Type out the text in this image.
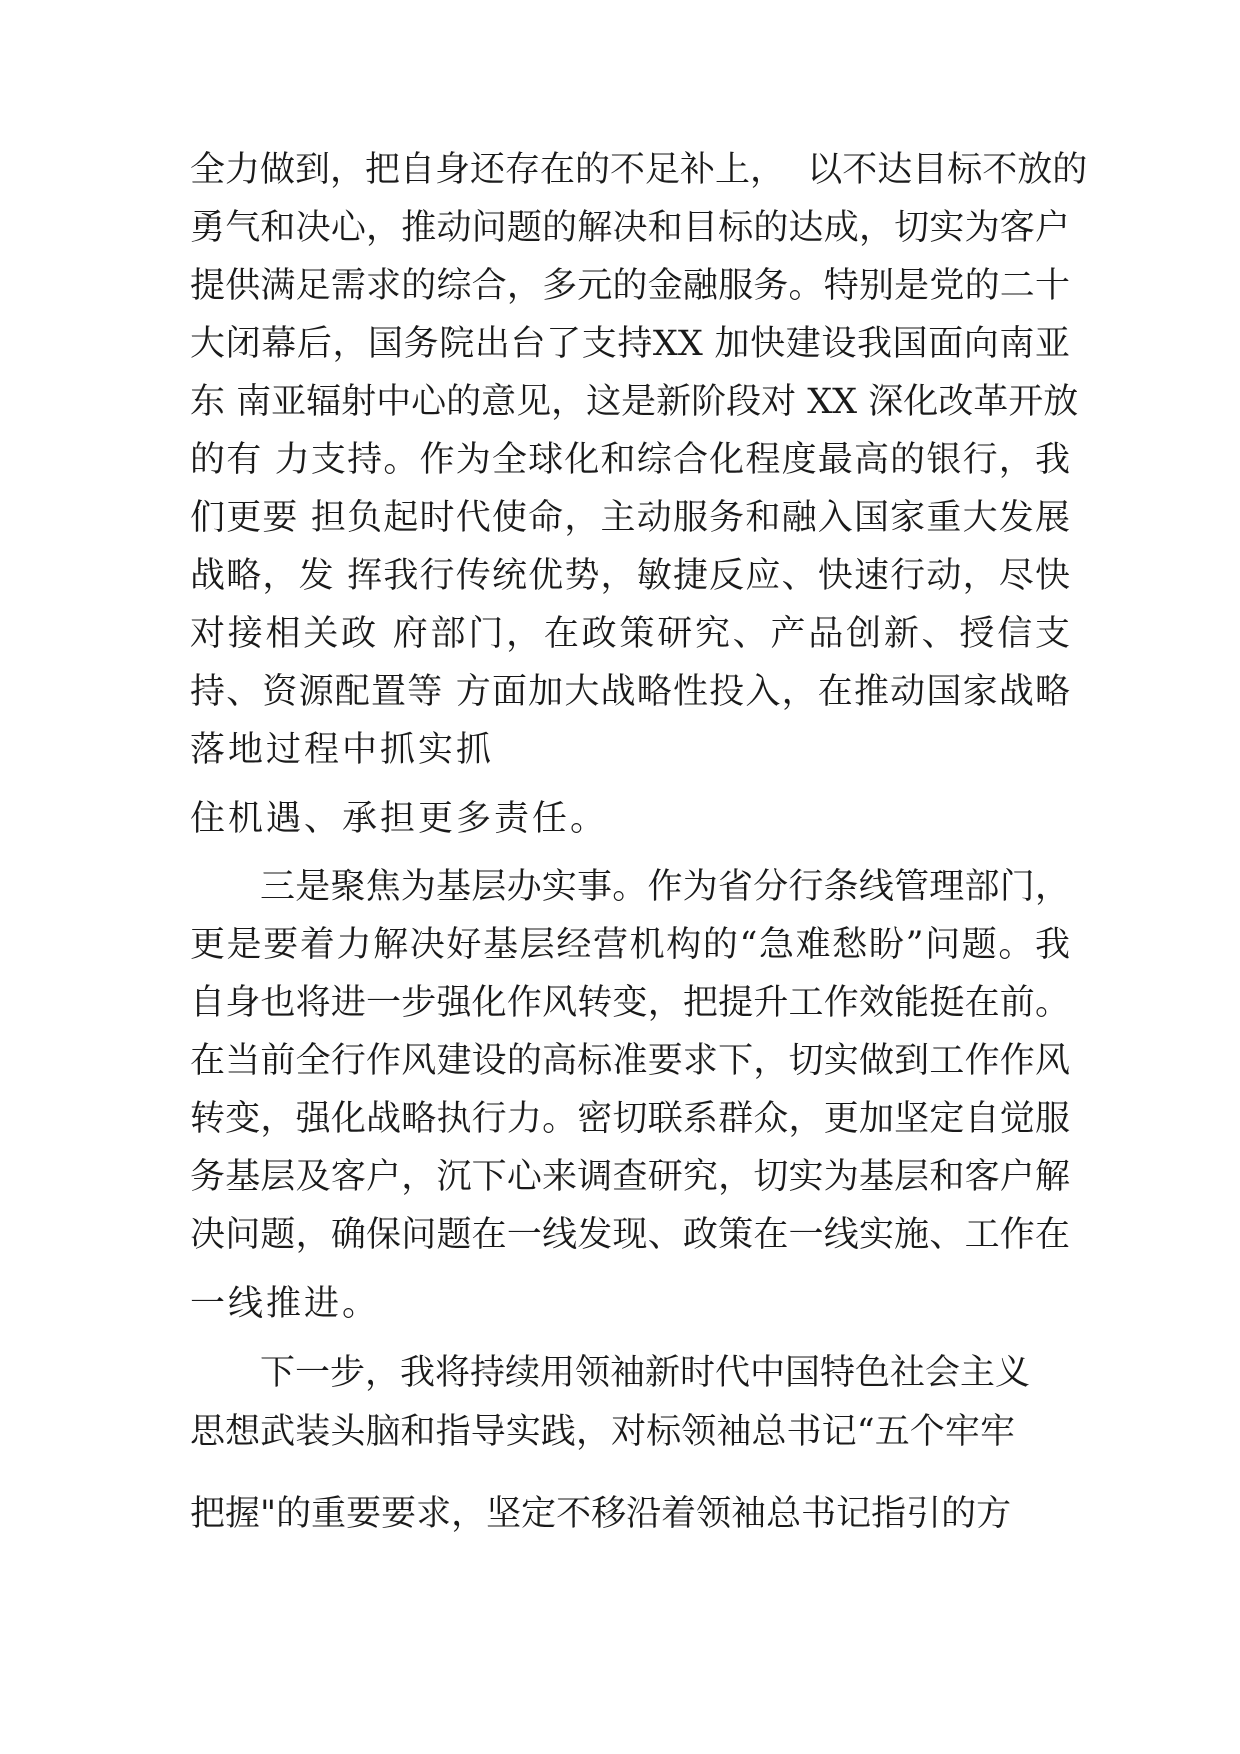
全力做到，把自身还存在的不足补上，  以不达目标不放的

勇气和决心，推动问题的解决和目标的达成，切实为客户

提供满足需求的综合，多元的金融服务。特别是党的二十

大闭幕后，国务院出台了支持XX 加快建设我国面向南亚

东 南亚辐射中心的意见，这是新阶段对 XX 深化改革开放

的有 力支持。作为全球化和综合化程度最高的银行，我

们更要 担负起时代使命，主动服务和融入国家重大发展

战略，发 挥我行传统优势，敏捷反应、快速行动，尽快

对接相关政 府部门，在政策研究、产品创新、授信支

持、资源配置等 方面加大战略性投入，在推动国家战略

落地过程中抓实抓

住机遇、承担更多责任。

三是聚焦为基层办实事。作为省分行条线管理部门，

更是要着力解决好基层经营机构的“急难愁盼”问题。我

自身也将进一步强化作风转变，把提升工作效能挺在前。

在当前全行作风建设的高标准要求下，切实做到工作作风

转变，强化战略执行力。密切联系群众，更加坚定自觉服

务基层及客户，沉下心来调查研究，切实为基层和客户解

决问题，确保问题在一线发现、政策在一线实施、工作在

一线推进。

下一步，我将持续用领袖新时代中国特色社会主义

思想武装头脑和指导实践，对标领袖总书记“五个牢牢

把握"的重要要求，坚定不移沿着领袖总书记指引的方
